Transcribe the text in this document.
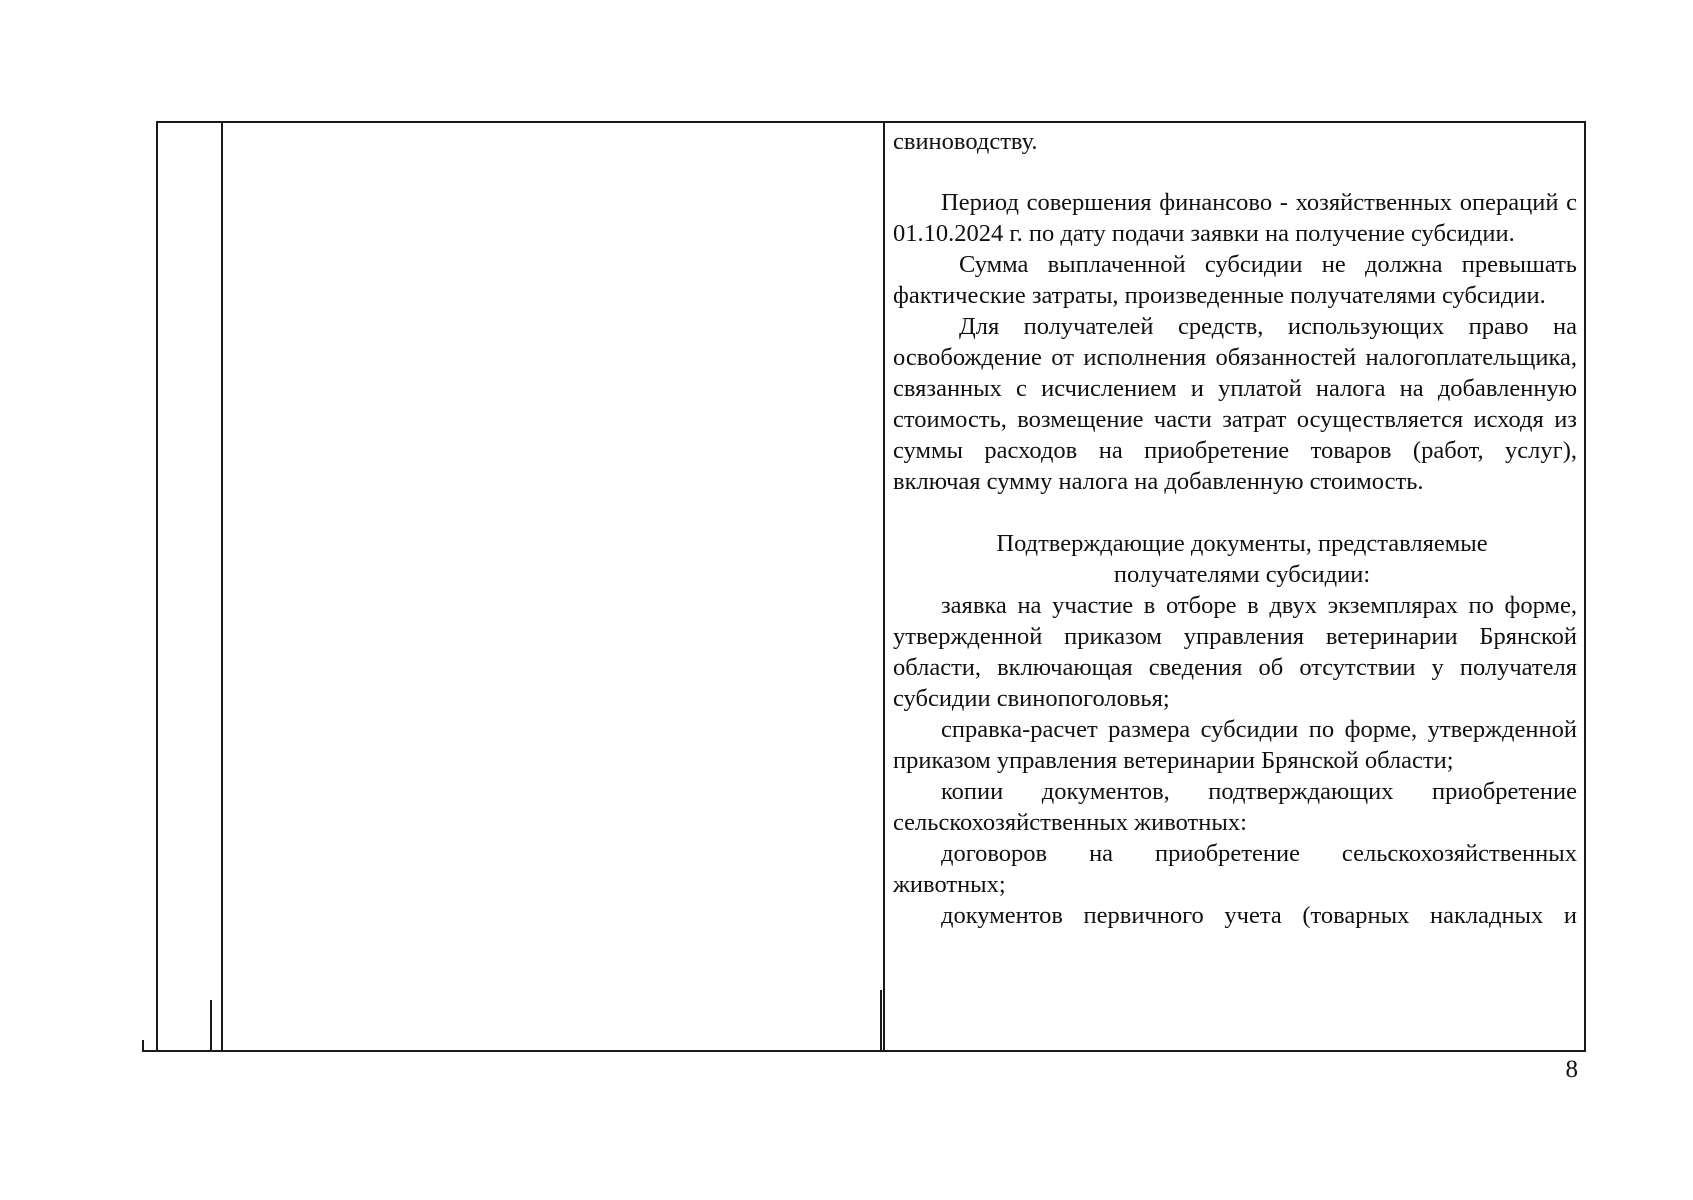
свиноводству.

Период совершения финансово - хозяйственных операций с 01.10.2024 г. по дату подачи заявки на получение субсидии.

Сумма выплаченной субсидии не должна превышать фактические затраты, произведенные получателями субсидии.

Для получателей средств, использующих право на освобождение от исполнения обязанностей налогоплательщика, связанных с исчислением и уплатой налога на добавленную стоимость, возмещение части затрат осуществляется исходя из суммы расходов на приобретение товаров (работ, услуг), включая сумму налога на добавленную стоимость.

Подтверждающие документы, представляемые

получателями субсидии:

заявка на участие в отборе в двух экземплярах по форме, утвержденной приказом управления ветеринарии Брянской области, включающая сведения об отсутствии у получателя субсидии свинопоголовья;

справка-расчет размера субсидии по форме, утвержденной приказом управления ветеринарии Брянской области;

копии документов, подтверждающих приобретение сельскохозяйственных животных:

договоров на приобретение сельскохозяйственных животных;

документов первичного учета (товарных накладных и

8
